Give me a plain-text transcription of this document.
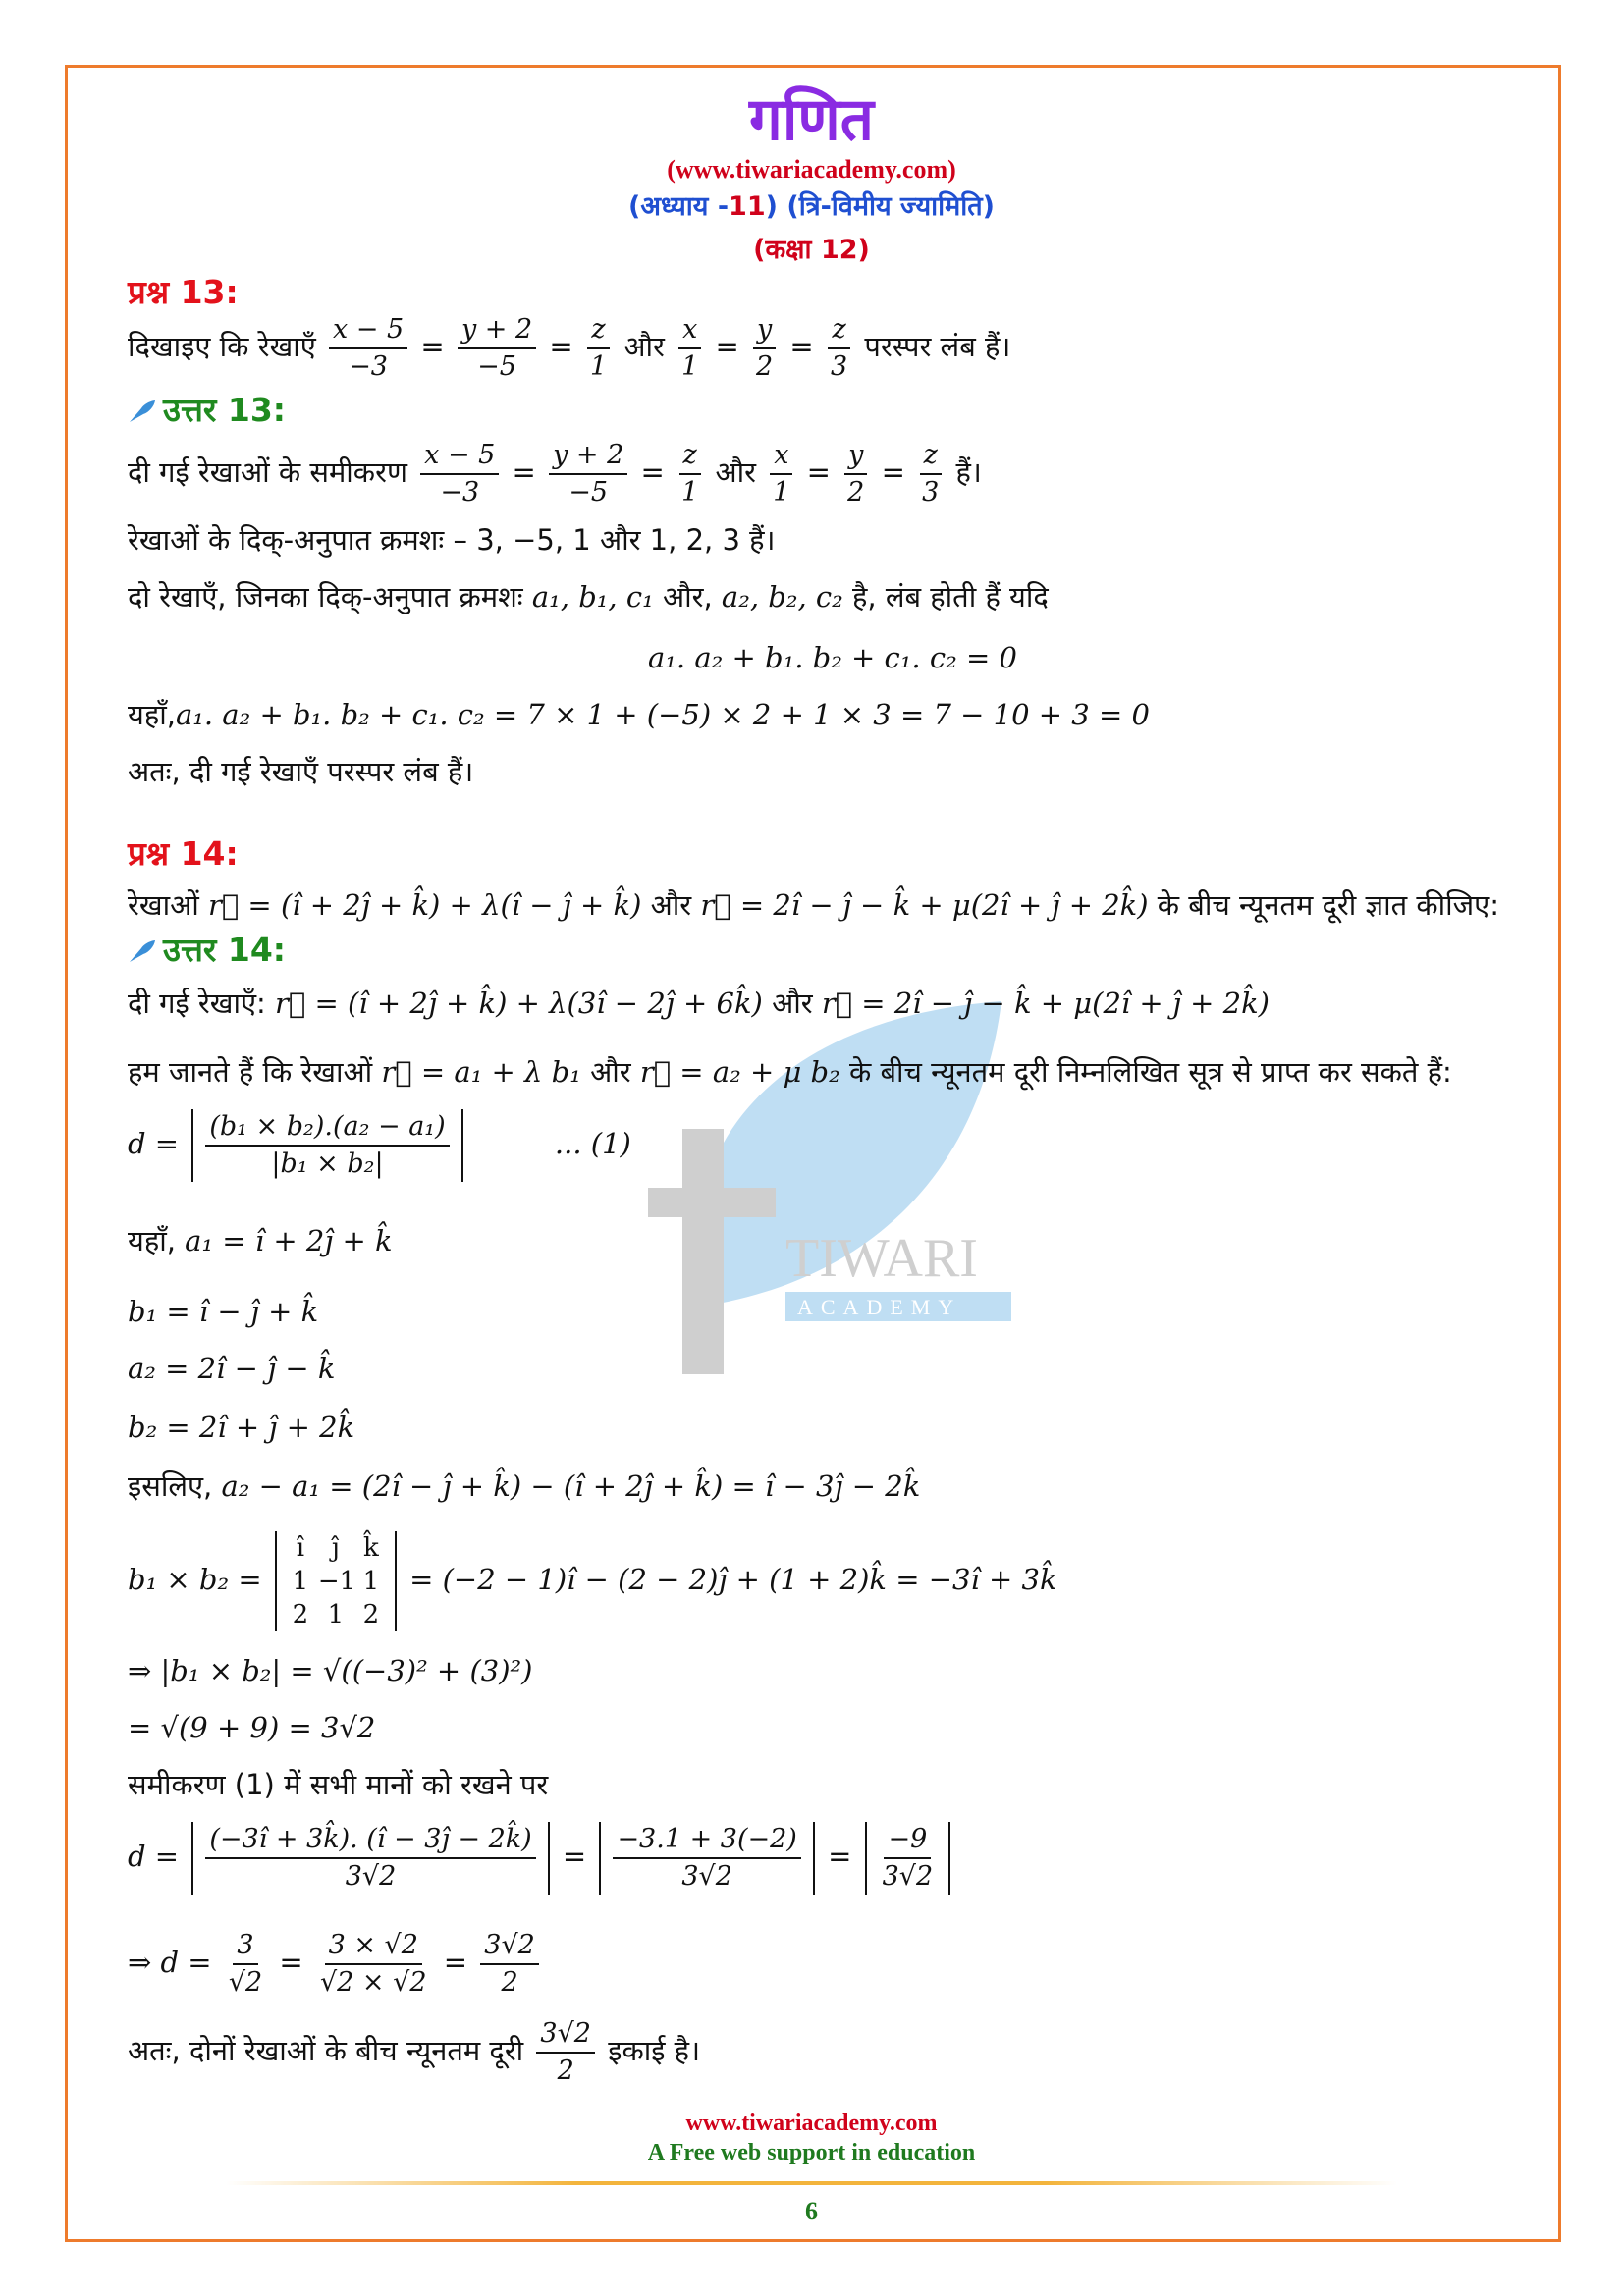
TIWARI
ACADEMY
गणित
(www.tiwariacademy.com)
(अध्याय -11) (त्रि-विमीय ज्यामिति)
(कक्षा 12)
प्रश्न 13:
दिखाइए कि रेखाएँ $\frac{x - 5}{-3} = \frac{y + 2}{-5} = \frac{z}{1}$ और $\frac{x}{1} = \frac{y}{2} = \frac{z}{3}$ परस्पर लंब हैं।
उत्तर 13:
दी गई रेखाओं के समीकरण $\frac{x - 5}{-3} = \frac{y + 2}{-5} = \frac{z}{1}$ और $\frac{x}{1} = \frac{y}{2} = \frac{z}{3}$ हैं।
रेखाओं के दिक्-अनुपात क्रमशः – 3, −5, 1 और 1, 2, 3 हैं।
दो रेखाएँ, जिनका दिक्-अनुपात क्रमशः a₁, b₁, c₁ और, a₂, b₂, c₂ है, लंब होती हैं यदि
a₁. a₂ + b₁. b₂ + c₁. c₂ = 0
यहाँ,a₁. a₂ + b₁. b₂ + c₁. c₂ = 7 × 1 + (−5) × 2 + 1 × 3 = 7 − 10 + 3 = 0
अतः, दी गई रेखाएँ परस्पर लंब हैं।
प्रश्न 14:
रेखाओं r⃗ = (î + 2ĵ + k̂) + λ(î − ĵ + k̂) और r⃗ = 2î − ĵ − k̂ + μ(2î + ĵ + 2k̂) के बीच न्यूनतम दूरी ज्ञात कीजिए:
उत्तर 14:
दी गई रेखाएँ: r⃗ = (î + 2ĵ + k̂) + λ(3î − 2ĵ + 6k̂) और r⃗ = 2î − ĵ − k̂ + μ(2î + ĵ + 2k̂)
हम जानते हैं कि रेखाओं r⃗ = a₁ + λ b₁ और r⃗ = a₂ + μ b₂ के बीच न्यूनतम दूरी निम्नलिखित सूत्र से प्राप्त कर सकते हैं:
$d = \frac{\text{(b₁ × b₂).(a₂ − a₁)}}{\text{|b₁ × b₂|}}$	... (1)
यहाँ, a₁ = î + 2ĵ + k̂
b₁ = î − ĵ + k̂
a₂ = 2î − ĵ − k̂
b₂ = 2î + ĵ + 2k̂
इसलिए, a₂ − a₁ = (2î − ĵ + k̂) − (î + 2ĵ + k̂) = î − 3ĵ − 2k̂
b₁ × b₂ =
î	ĵ k̂
1 −1 1
2 1 2
= (−2 − 1)î − (2 − 2)ĵ + (1 + 2)k̂ = −3î + 3k̂
⇒ |b₁ × b₂| = √((−3)² + (3)²)
= √(9 + 9) = 3√2
समीकरण (1) में सभी मानों को रखने पर
$d = \frac{(-3î + 3k̂). (î - 3ĵ - 2k̂)}{3√2} = \frac{-3.1 + 3(-2)}{3√2} = \frac{-9}{3√2}$
⇒ $d = \frac{3}{√2} = \frac{3 \times √2}{√2 \times √2} = \frac{3√2}{2}$
अतः, दोनों रेखाओं के बीच न्यूनतम दूरी $\frac{3√2}{2}$ इकाई है।
www.tiwariacademy.com
A Free web support in education
6
